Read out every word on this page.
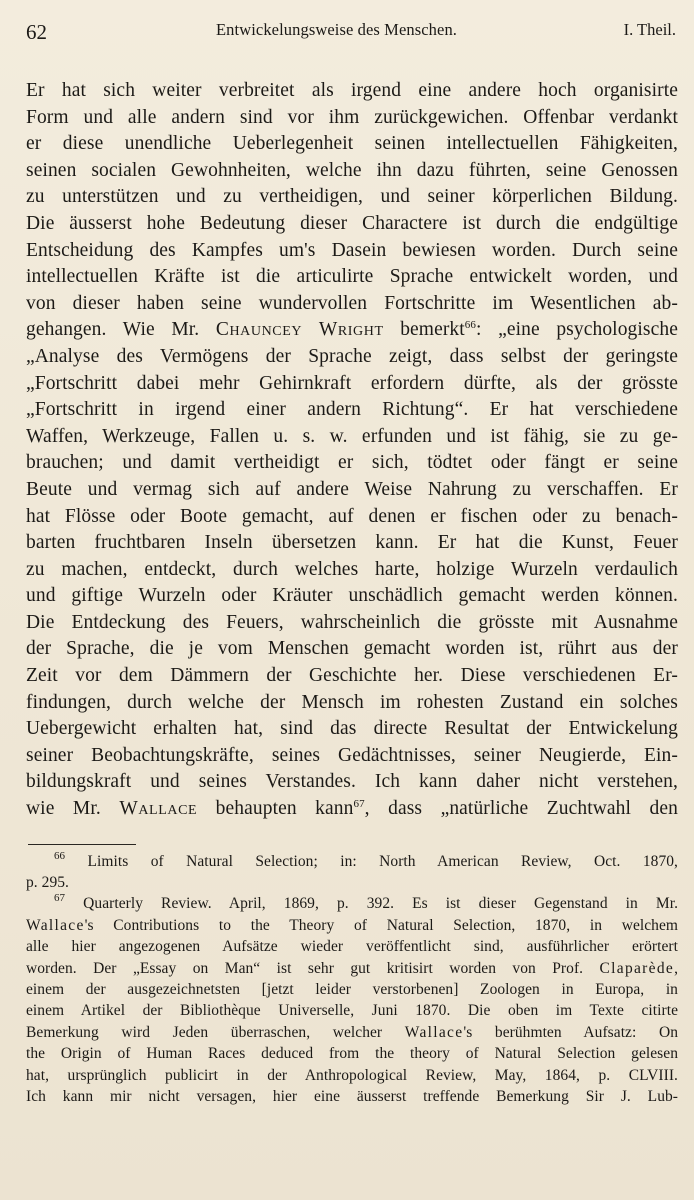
62	Entwickelungsweise des Menschen.	I. Theil.
Er hat sich weiter verbreitet als irgend eine andere hoch organisirte
Form und alle andern sind vor ihm zurückgewichen. Offenbar verdankt
er diese unendliche Ueberlegenheit seinen intellectuellen Fähigkeiten,
seinen socialen Gewohnheiten, welche ihn dazu führten, seine Genossen
zu unterstützen und zu vertheidigen, und seiner körperlichen Bildung.
Die äusserst hohe Bedeutung dieser Charactere ist durch die endgültige
Entscheidung des Kampfes um's Dasein bewiesen worden. Durch seine
intellectuellen Kräfte ist die articulirte Sprache entwickelt worden, und
von dieser haben seine wundervollen Fortschritte im Wesentlichen ab-
gehangen. Wie Mr. Chauncey Wright bemerkt$^{66}$: „eine psychologische
„Analyse des Vermögens der Sprache zeigt, dass selbst der geringste
„Fortschritt dabei mehr Gehirnkraft erfordern dürfte, als der grösste
„Fortschritt in irgend einer andern Richtung“. Er hat verschiedene
Waffen, Werkzeuge, Fallen u. s. w. erfunden und ist fähig, sie zu ge-
brauchen; und damit vertheidigt er sich, tödtet oder fängt er seine
Beute und vermag sich auf andere Weise Nahrung zu verschaffen. Er
hat Flösse oder Boote gemacht, auf denen er fischen oder zu benach-
barten fruchtbaren Inseln übersetzen kann. Er hat die Kunst, Feuer
zu machen, entdeckt, durch welches harte, holzige Wurzeln verdaulich
und giftige Wurzeln oder Kräuter unschädlich gemacht werden können.
Die Entdeckung des Feuers, wahrscheinlich die grösste mit Ausnahme
der Sprache, die je vom Menschen gemacht worden ist, rührt aus der
Zeit vor dem Dämmern der Geschichte her. Diese verschiedenen Er-
findungen, durch welche der Mensch im rohesten Zustand ein solches
Uebergewicht erhalten hat, sind das directe Resultat der Entwickelung
seiner Beobachtungskräfte, seines Gedächtnisses, seiner Neugierde, Ein-
bildungskraft und seines Verstandes. Ich kann daher nicht verstehen,
wie Mr. Wallace behaupten kann$^{67}$, dass „natürliche Zuchtwahl den
$^{66}$ Limits of Natural Selection; in: North American Review, Oct. 1870,
p. 295.
$^{67}$ Quarterly Review. April, 1869, p. 392. Es ist dieser Gegenstand in Mr.
Wallace's Contributions to the Theory of Natural Selection, 1870, in welchem
alle hier angezogenen Aufsätze wieder veröffentlicht sind, ausführlicher erörtert
worden. Der „Essay on Man“ ist sehr gut kritisirt worden von Prof. Claparède,
einem der ausgezeichnetsten [jetzt leider verstorbenen] Zoologen in Europa, in
einem Artikel der Bibliothèque Universelle, Juni 1870. Die oben im Texte citirte
Bemerkung wird Jeden überraschen, welcher Wallace's berühmten Aufsatz: On
the Origin of Human Races deduced from the theory of Natural Selection gelesen
hat, ursprünglich publicirt in der Anthropological Review, May, 1864, p. CLVIII.
Ich kann mir nicht versagen, hier eine äusserst treffende Bemerkung Sir J. Lub-
